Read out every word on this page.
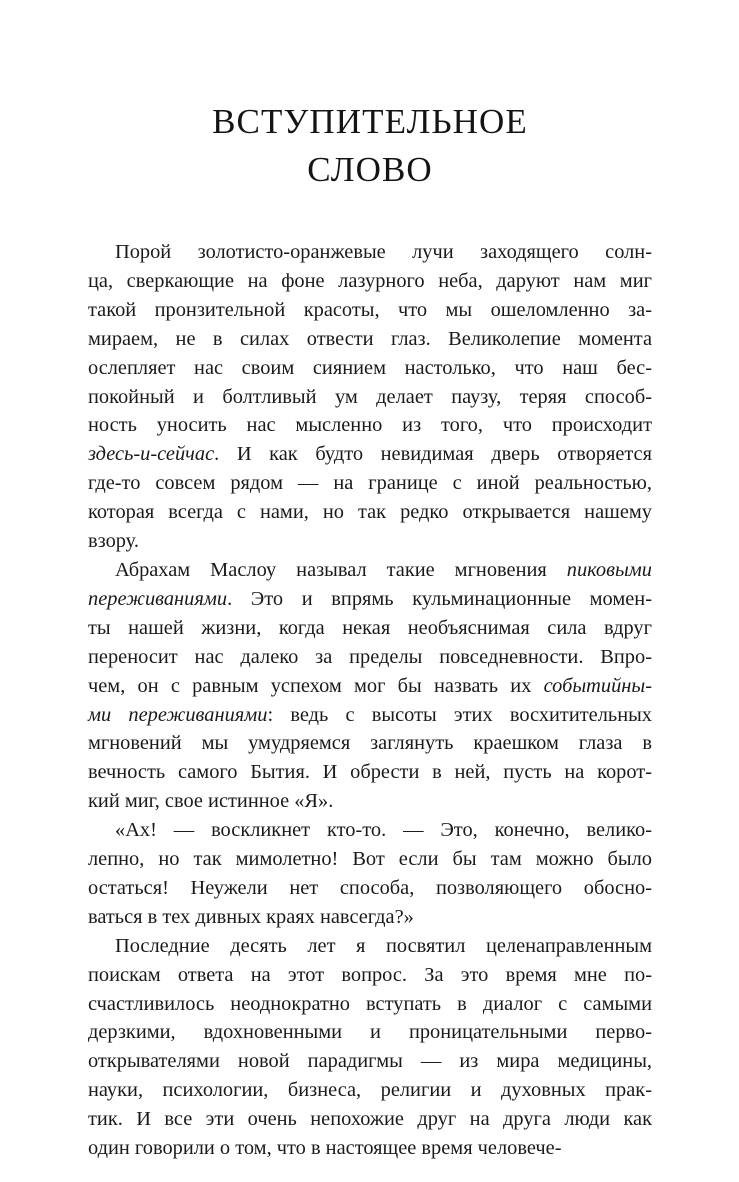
ВСТУПИТЕЛЬНОЕ
СЛОВО

Порой золотисто-оранжевые лучи заходящего солн-
ца, сверкающие на фоне лазурного неба, даруют нам миг
такой пронзительной красоты, что мы ошеломленно за-
мираем, не в силах отвести глаз. Великолепие момента
ослепляет нас своим сиянием настолько, что наш бес-
покойный и болтливый ум делает паузу, теряя способ-
ность уносить нас мысленно из того, что происходит
здесь-и-сейчас. И как будто невидимая дверь отворяется
где-то совсем рядом — на границе с иной реальностью,
которая всегда с нами, но так редко открывается нашему
взору.

Абрахам Маслоу называл такие мгновения пиковыми
переживаниями. Это и впрямь кульминационные момен-
ты нашей жизни, когда некая необъяснимая сила вдруг
переносит нас далеко за пределы повседневности. Впро-
чем, он с равным успехом мог бы назвать их событийны-
ми переживаниями: ведь с высоты этих восхитительных
мгновений мы умудряемся заглянуть краешком глаза в
вечность самого Бытия. И обрести в ней, пусть на корот-
кий миг, свое истинное «Я».

«Ах! — воскликнет кто-то. — Это, конечно, велико-
лепно, но так мимолетно! Вот если бы там можно было
остаться! Неужели нет способа, позволяющего обосно-
ваться в тех дивных краях навсегда?»

Последние десять лет я посвятил целенаправленным
поискам ответа на этот вопрос. За это время мне по-
счастливилось неоднократно вступать в диалог с самыми
дерзкими, вдохновенными и проницательными перво-
открывателями новой парадигмы — из мира медицины,
науки, психологии, бизнеса, религии и духовных прак-
тик. И все эти очень непохожие друг на друга люди как
один говорили о том, что в настоящее время человече-
